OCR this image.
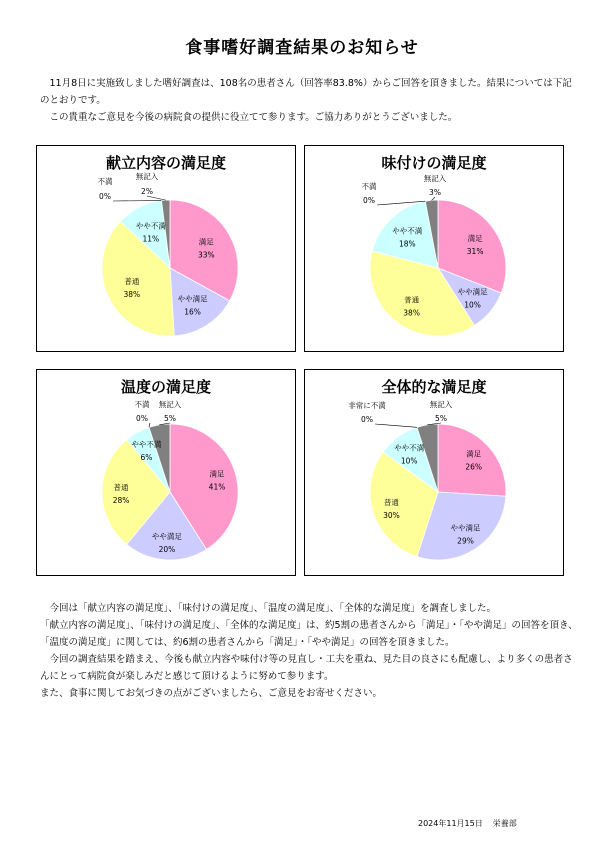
食事嗜好調査結果のお知らせ

　11月8日に実施致しました嗜好調査は、108名の患者さん（回答率83.8%）からご回答を頂きました。結果については下記のとおりです。

　この貴重なご意見を今後の病院食の提供に役立てて参ります。ご協力ありがとうございました。

献立内容の満足度
満足
33%
やや満足
16%
普通
38%
やや不満
11%
不満
0%
無記入
2%
味付けの満足度
満足
31%
やや満足
10%
普通
38%
やや不満
18%
不満
0%
無記入
3%
温度の満足度
満足
41%
やや満足
20%
普通
28%
やや不満
6%
不満
0%
無記入
5%
全体的な満足度
満足
26%
やや満足
29%
普通
30%
やや不満
10%
非常に不満
0%
無記入
5%

　今回は「献立内容の満足度」、「味付けの満足度」、「温度の満足度」、「全体的な満足度」を調査しました。

「献立内容の満足度」、「味付けの満足度」、「全体的な満足度」は、約5割の患者さんから「満足」・「やや満足」の回答を頂き、「温度の満足度」に関しては、約6割の患者さんから「満足」・「やや満足」の回答を頂きました。

　今回の調査結果を踏まえ、今後も献立内容や味付け等の見直し・工夫を重ね、見た目の良さにも配慮し、より多くの患者さんにとって病院食が楽しみだと感じて頂けるように努めて参ります。

また、食事に関してお気づきの点がございましたら、ご意見をお寄せください。

2024年11月15日 栄養部
